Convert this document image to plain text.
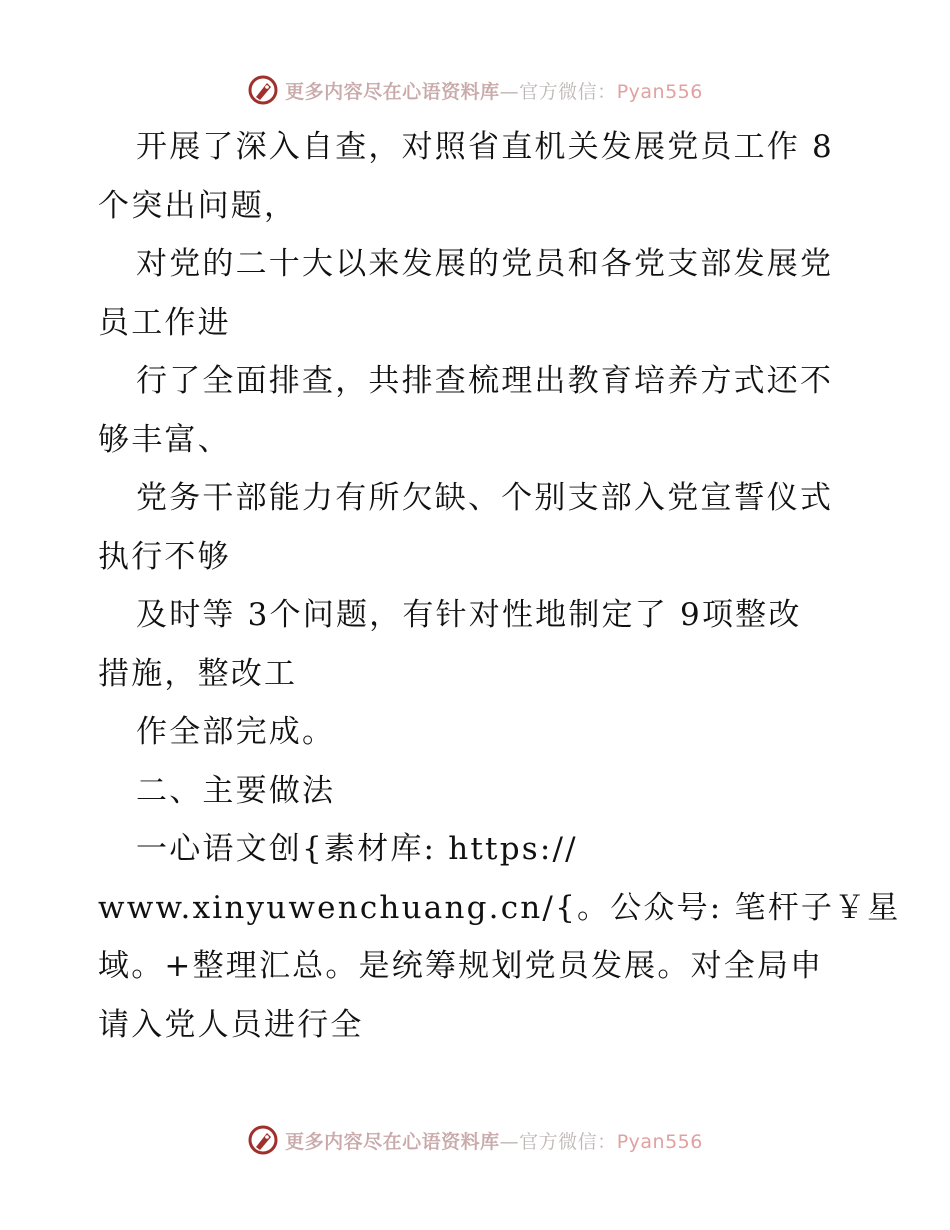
更多内容尽在心语资料库—官方微信：Pyan556
开展了深入自查，对照省直机关发展党员工作 8
个突出问题，
对党的二十大以来发展的党员和各党支部发展党
员工作进
行了全面排查，共排查梳理出教育培养方式还不
够丰富、
党务干部能力有所欠缺、个别支部入党宣誓仪式
执行不够
及时等 3个问题，有针对性地制定了 9项整改
措施，整改工
作全部完成。
二、主要做法
一心语文创{素材库: https://
www.xinyuwenchuang.cn/{。公众号: 笔杆子￥星
域。+整理汇总。是统筹规划党员发展。对全局申
请入党人员进行全
更多内容尽在心语资料库—官方微信：Pyan556
